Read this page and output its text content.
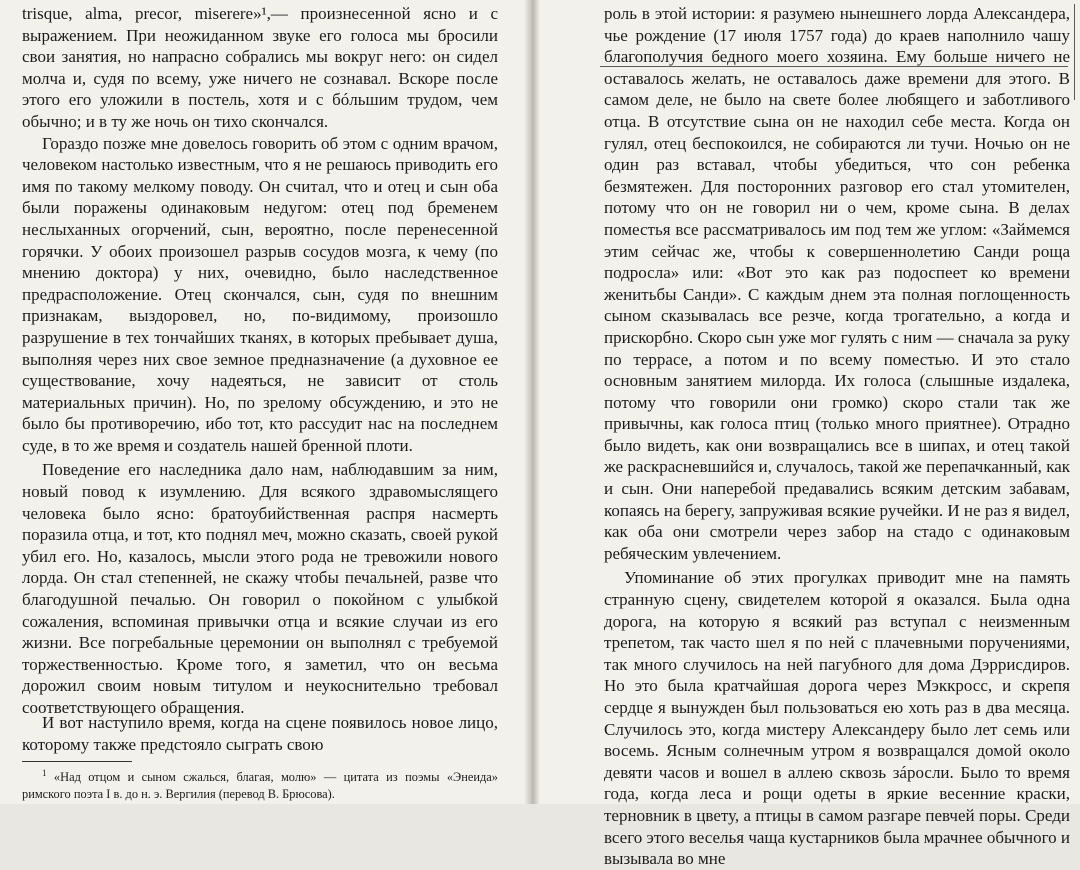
trisque, alma, precor, miserere»¹,— произнесенной ясно и с выражением. При неожиданном звуке его голоса мы бросили свои занятия, но напрасно собрались мы вокруг него: он сидел молча и, судя по всему, уже ничего не сознавал. Вскоре после этого его уложили в постель, хотя и с бóльшим трудом, чем обычно; и в ту же ночь он тихо скончался.

Гораздо позже мне довелось говорить об этом с одним врачом, человеком настолько известным, что я не решаюсь приводить его имя по такому мелкому поводу. Он считал, что и отец и сын оба были поражены одинаковым недугом: отец под бременем неслыханных огорчений, сын, вероятно, после перенесенной горячки. У обоих произошел разрыв сосудов мозга, к чему (по мнению доктора) у них, очевидно, было наследственное предрасположение. Отец скончался, сын, судя по внешним признакам, выздоровел, но, по-видимому, произошло разрушение в тех тончайших тканях, в которых пребывает душа, выполняя через них свое земное предназначение (а духовное ее существование, хочу надеяться, не зависит от столь материальных причин). Но, по зрелому обсуждению, и это не было бы противоречию, ибо тот, кто рассудит нас на последнем суде, в то же время и создатель нашей бренной плоти.

Поведение его наследника дало нам, наблюдавшим за ним, новый повод к изумлению. Для всякого здравомыслящего человека было ясно: братоубийственная распря насмерть поразила отца, и тот, кто поднял меч, можно сказать, своей рукой убил его. Но, казалось, мысли этого рода не тревожили нового лорда. Он стал степенней, не скажу чтобы печальней, разве что благодушной печалью. Он говорил о покойном с улыбкой сожаления, вспоминая привычки отца и всякие случаи из его жизни. Все погребальные церемонии он выполнял с требуемой торжественностью. Кроме того, я заметил, что он весьма дорожил своим новым титулом и неукоснительно требовал соответствующего обращения.

И вот наступило время, когда на сцене появилось новое лицо, которому также предстояло сыграть свою

$^1$ «Над отцом и сыном сжалься, благая, молю» — цитата из поэмы «Энеида» римского поэта I в. до н. э. Вергилия (перевод В. Брюсова).

роль в этой истории: я разумею нынешнего лорда Александера, чье рождение (17 июля 1757 года) до краев наполнило чашу благополучия бедного моего хозяина. Ему больше ничего не оставалось желать, не оставалось даже времени для этого. В самом деле, не было на свете более любящего и заботливого отца. В отсутствие сына он не находил себе места. Когда он гулял, отец беспокоился, не собираются ли тучи. Ночью он не один раз вставал, чтобы убедиться, что сон ребенка безмятежен. Для посторонних разговор его стал утомителен, потому что он не говорил ни о чем, кроме сына. В делах поместья все рассматривалось им под тем же углом: «Займемся этим сейчас же, чтобы к совершеннолетию Санди роща подросла» или: «Вот это как раз подоспеет ко времени женитьбы Санди». С каждым днем эта полная поглощенность сыном сказывалась все резче, когда трогательно, а когда и прискорбно. Скоро сын уже мог гулять с ним — сначала за руку по террасе, а потом и по всему поместью. И это стало основным занятием милорда. Их голоса (слышные издалека, потому что говорили они громко) скоро стали так же привычны, как голоса птиц (только много приятнее). Отрадно было видеть, как они возвращались все в шипах, и отец такой же раскрасневшийся и, случалось, такой же перепачканный, как и сын. Они наперебой предавались всяким детским забавам, копаясь на берегу, запруживая всякие ручейки. И не раз я видел, как оба они смотрели через забор на стадо с одинаковым ребяческим увлечением.

Упоминание об этих прогулках приводит мне на память странную сцену, свидетелем которой я оказался. Была одна дорога, на которую я всякий раз вступал с неизменным трепетом, так часто шел я по ней с плачевными поручениями, так много случилось на ней пагубного для дома Дэррисдиров. Но это была кратчайшая дорога через Мэккросс, и скрепя сердце я вынужден был пользоваться ею хоть раз в два месяца. Случилось это, когда мистеру Александеру было лет семь или восемь. Ясным солнечным утром я возвращался домой около девяти часов и вошел в аллею сквозь зáросли. Было то время года, когда леса и рощи одеты в яркие весенние краски, терновник в цвету, а птицы в самом разгаре певчей поры. Среди всего этого веселья чаща кустарников была мрачнее обычного и вызывала во мне
